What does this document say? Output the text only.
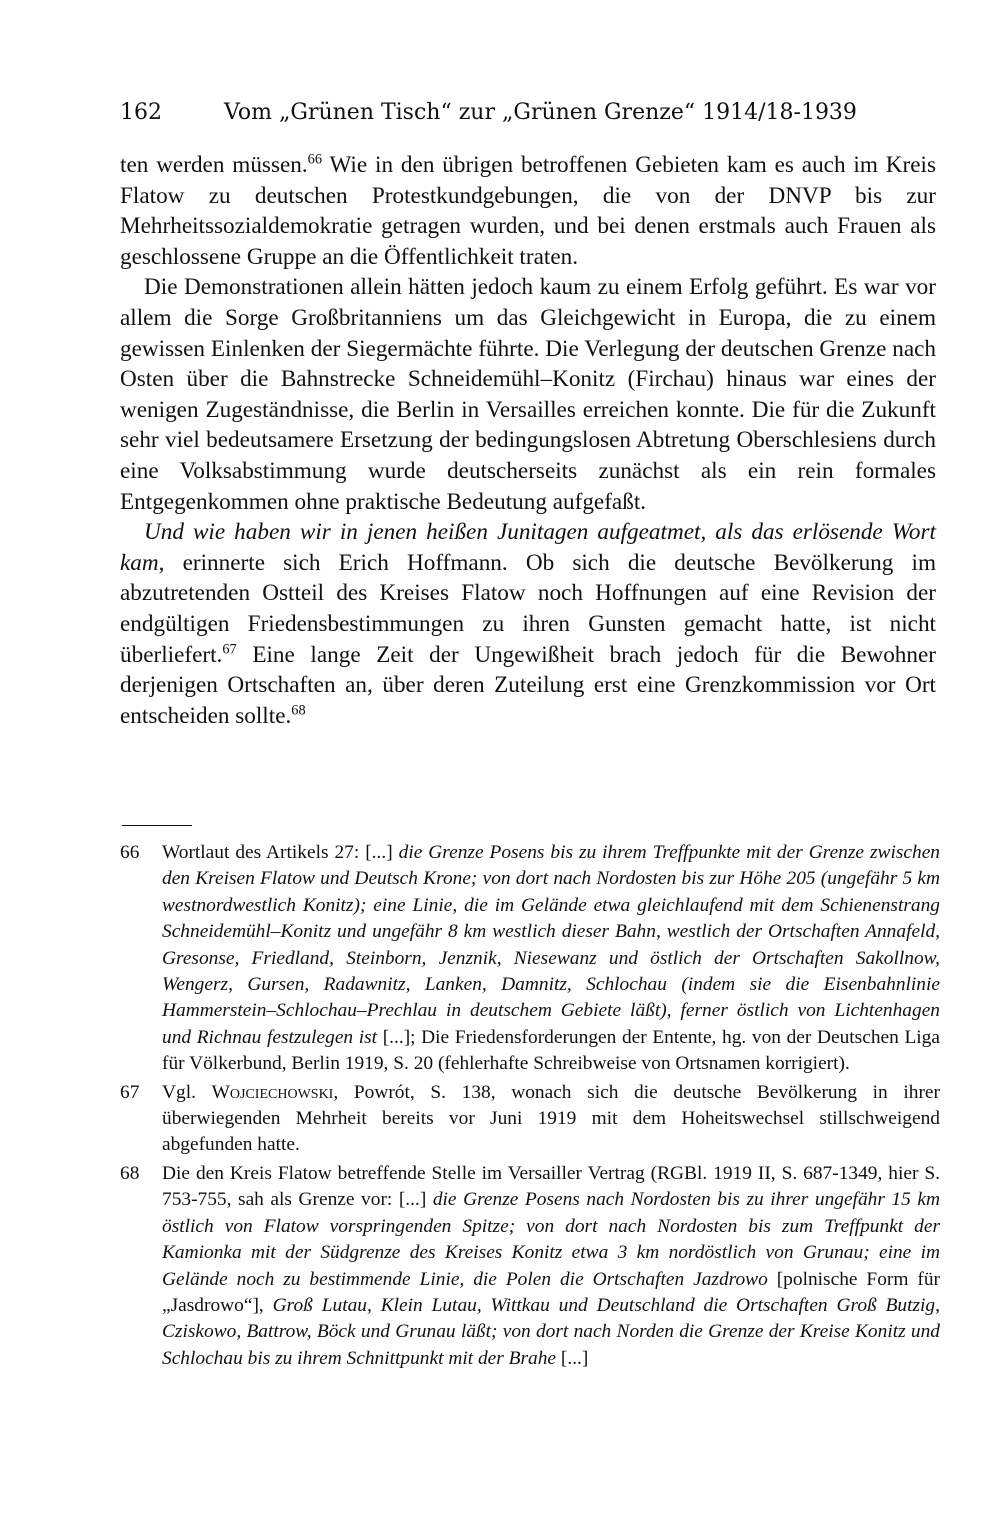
162	Vom „Grünen Tisch“ zur „Grünen Grenze“ 1914/18-1939

ten werden müssen.$^{66}$ Wie in den übrigen betroffenen Gebieten kam es auch im Kreis Flatow zu deutschen Protestkundgebungen, die von der DNVP bis zur Mehrheitssozialdemokratie getragen wurden, und bei denen erstmals auch Frauen als geschlossene Gruppe an die Öffentlichkeit traten.

Die Demonstrationen allein hätten jedoch kaum zu einem Erfolg geführt. Es war vor allem die Sorge Großbritanniens um das Gleichgewicht in Europa, die zu einem gewissen Einlenken der Siegermächte führte. Die Verlegung der deutschen Grenze nach Osten über die Bahnstrecke Schneidemühl–Konitz (Firchau) hinaus war eines der wenigen Zugeständnisse, die Berlin in Versailles erreichen konnte. Die für die Zukunft sehr viel bedeutsamere Ersetzung der bedingungslosen Abtretung Oberschlesiens durch eine Volksabstimmung wurde deutscherseits zunächst als ein rein formales Entgegenkommen ohne praktische Bedeutung aufgefaßt.

Und wie haben wir in jenen heißen Junitagen aufgeatmet, als das erlösende Wort kam, erinnerte sich Erich Hoffmann. Ob sich die deutsche Bevölkerung im abzutretenden Ostteil des Kreises Flatow noch Hoffnungen auf eine Revision der endgültigen Friedensbestimmungen zu ihren Gunsten gemacht hatte, ist nicht überliefert.$^{67}$ Eine lange Zeit der Ungewißheit brach jedoch für die Bewohner derjenigen Ortschaften an, über deren Zuteilung erst eine Grenzkommission vor Ort entscheiden sollte.$^{68}$

66 Wortlaut des Artikels 27: [...] die Grenze Posens bis zu ihrem Treffpunkte mit der Grenze zwischen den Kreisen Flatow und Deutsch Krone; von dort nach Nordosten bis zur Höhe 205 (ungefähr 5 km westnordwestlich Konitz); eine Linie, die im Gelände etwa gleichlaufend mit dem Schienenstrang Schneidemühl–Konitz und ungefähr 8 km westlich dieser Bahn, westlich der Ortschaften Annafeld, Gresonse, Friedland, Steinborn, Jenznik, Niesewanz und östlich der Ortschaften Sakollnow, Wengerz, Gursen, Radawnitz, Lanken, Damnitz, Schlochau (indem sie die Eisenbahnlinie Hammerstein–Schlochau–Prechlau in deutschem Gebiete läßt), ferner östlich von Lichtenhagen und Richnau festzulegen ist [...]; Die Friedensforderungen der Entente, hg. von der Deutschen Liga für Völkerbund, Berlin 1919, S. 20 (fehlerhafte Schreibweise von Ortsnamen korrigiert).
67 Vgl. Wojciechowski, Powrót, S. 138, wonach sich die deutsche Bevölkerung in ihrer überwiegenden Mehrheit bereits vor Juni 1919 mit dem Hoheitswechsel stillschweigend abgefunden hatte.
68 Die den Kreis Flatow betreffende Stelle im Versailler Vertrag (RGBl. 1919 II, S. 687-1349, hier S. 753-755, sah als Grenze vor: [...] die Grenze Posens nach Nordosten bis zu ihrer ungefähr 15 km östlich von Flatow vorspringenden Spitze; von dort nach Nordosten bis zum Treffpunkt der Kamionka mit der Südgrenze des Kreises Konitz etwa 3 km nordöstlich von Grunau; eine im Gelände noch zu bestimmende Linie, die Polen die Ortschaften Jazdrowo [polnische Form für „Jasdrowo“], Groß Lutau, Klein Lutau, Wittkau und Deutschland die Ortschaften Groß Butzig, Cziskowo, Battrow, Böck und Grunau läßt; von dort nach Norden die Grenze der Kreise Konitz und Schlochau bis zu ihrem Schnittpunkt mit der Brahe [...]
